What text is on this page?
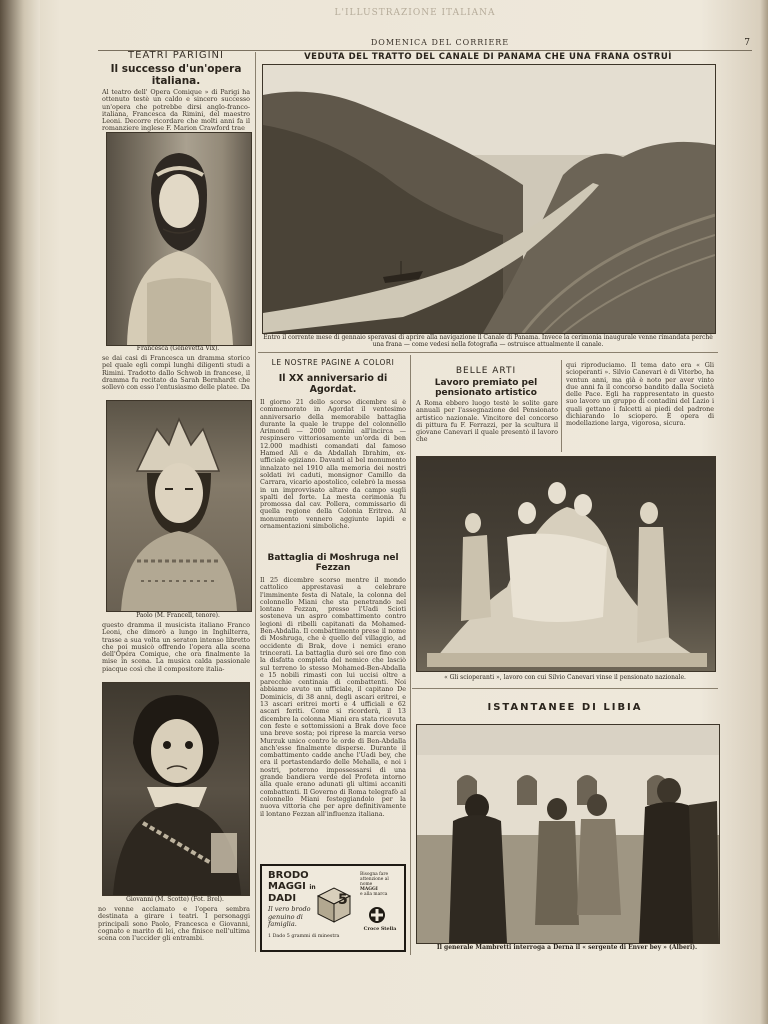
L'ILLUSTRAZIONE ITALIANA
DOMENICA DEL CORRIERE	7
TEATRI PARIGINI
Il successo d'un'opera italiana.
Al teatro dell' Opera Comique » di Parigi ha ottenuto testè un caldo e sincero successo un'opera che potrebbe dirsi anglo-franco-italiana, Francesca da Rimini, del maestro Leoni. Decorre ricordare che molti anni fa il romanziere inglese F. Marion Crawford trae
Francesca (Genevetta Vix).
se dai casi di Francesca un dramma storico pel quale egli compì lunghi diligenti studi a Rimini. Tradotto dallo Schwob in francese, il dramma fu recitato da Sarah Bernhardt che sollevò con esso l'entusiasmo delle platee. Da
Paolo (M. Francell, tenore).
questo dramma il musicista italiano Franco Leoni, che dimorò a lungo in Inghilterra, trasse a sua volta un seraton intenso libretto che poi musicò offrendo l'opera alla scena dell'Opéra Comique, che ora finalmente la mise in scena. La musica calda passionale piacque così che il compositore italia-
Giovanni (M. Scotte) (Fot. Brel).
no venne acclamato e l'opera sembra destinata a girare i teatri. I personaggi principali sono Paolo, Francesca e Giovanni, cognato e marito di lei, che finisce nell'ultima scena con l'uccider gli entrambi.
VEDUTA DEL TRATTO DEL CANALE DI PANAMA CHE UNA FRANA OSTRUÌ
Entro il corrente mese di gennaio speravasi di aprire alla navigazione il Canale di Panama. Invece la cerimonia inaugurale venne rimandata perchè una frana — come vedesi nella fotografia — ostruisce attualmente il canale.
LE NOSTRE PAGINE A COLORI
Il XX anniversario di Agordat.
Il giorno 21 dello scorso dicembre si è commemorato in Agordat il ventesimo anniversario della memorabile battaglia durante la quale le truppe del colonnello Arimondi — 2000 uomini all'incirca — respinsero vittoriosamente un'orda di ben 12.000 madhisti comandati dal famoso Hamed Alì e da Abdallah Ibrahim, ex-ufficiale egiziano. Davanti al bel monumento innalzato nel 1910 alla memoria dei nostri soldati ivi caduti, monsignor Camillo da Carrara, vicario apostolico, celebrò la messa in un improvvisato altare da campo sugli spalti del forte. La mesta cerimonia fu promossa dal cav. Pollera, commissario di quella regione della Colonia Eritrea. Al monumento vennero aggiunte lapidi e ornamentazioni simboliche.
Battaglia di Moshruga nel Fezzan
Il 25 dicembre scorso mentre il mondo cattolico apprestavasi a celebrare l'imminente festa di Natale, la colonna del colonnello Miani che sta penetrando nel lontano Fezzan, presso l'Uadi Scioti sosteneva un aspro combattimento contro legioni di ribelli capitanati da Mohamed-Ben-Abdalla. Il combattimento prese il nome di Moshruga, che è quello del villaggio, ad occidente di Brak, dove i nemici erano trincerati. La battaglia durò sei ore fino con la disfatta completa del nemico che lasciò sul terreno lo stesso Mohamed-Ben-Abdalla e 15 nobili rimasti con lui uccisi oltre a parecchie centinaia di combattenti. Noi abbiamo avuto un ufficiale, il capitano De Dominicis, di 38 anni, degli ascari eritrei, e 13 ascari eritrei morti e 4 ufficiali e 62 ascari feriti. Come si ricorderà, il 13 dicembre la colonna Miani era stata ricevuta con feste e sottomissioni a Brak dove fece una breve sosta; poi riprese la marcia verso Murzuk unico contro le orde di Ben-Abdalla anch'esse finalmente disperse. Durante il combattimento cadde anche l'Uadi bey, che era il portastendardo delle Mehalla, e noi i nostri, poterono impossessarsi di una grande bandiera verde del Profeta intorno alla quale erano adunati gli ultimi accaniti combattenti. Il Governo di Roma telegrafò al colonnello Miani festeggiandolo per la nuova vittoria che per apre definitivamente il lontano Fezzan all'influenza italiana.
BRODO
MAGGI in
DADI
Il vero brodo
genuino di
famiglia.
5
Bisogna fare attenzione al nome
MAGGI
e alla marca
Croce Stella
1 Dado 5 grammi di minestra
BELLE ARTI
Lavoro premiato pel pensionato artistico
A Roma ebbero luogo testè le solite gare annuali per l'assegnazione del Pensionato artistico nazionale. Vincitore del concorso di pittura fu F. Ferrazzi, per la scultura il giovane Canevari il quale presentò il lavoro che
qui riproduciamo. Il tema dato era « Gli scioperanti ». Silvio Canevari è di Viterbo, ha ventun anni, ma già è noto per aver vinto due anni fa il concorso bandito dalla Società delle Pace. Egli ha rappresentato in questo suo lavoro un gruppo di contadini del Lazio i quali gettano i falcetti ai piedi del padrone dichiarando lo sciopero. È opera di modellazione larga, vigorosa, sicura.
« Gli scioperanti », lavoro con cui Silvio Canevari vinse il pensionato nazionale.
ISTANTANEE DI LIBIA
Il generale Mambretti interroga a Derna il « sergente di Enver bey » (Alberi).
